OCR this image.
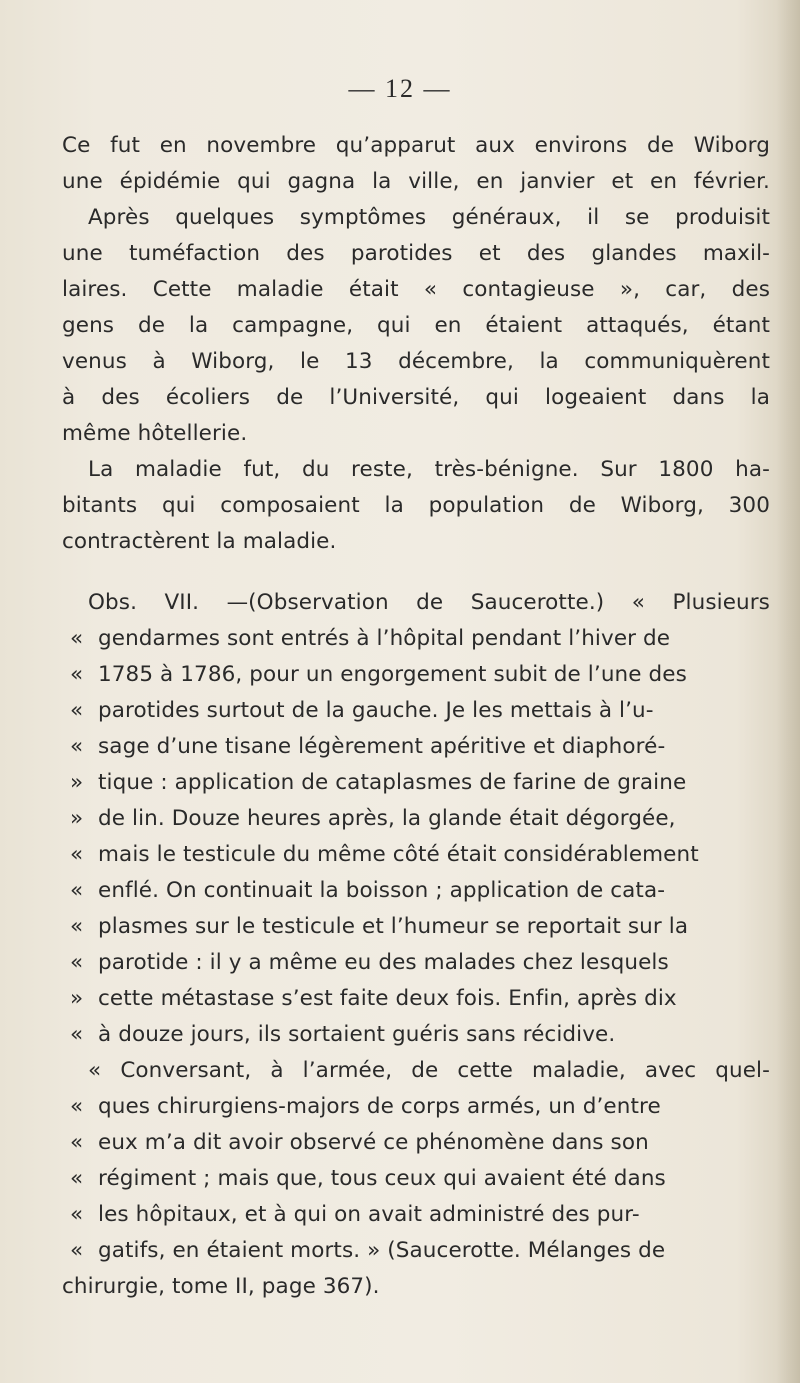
— 12 —
Ce fut en novembre qu’apparut aux environs de Wiborg
une épidémie qui gagna la ville, en janvier et en février.
Après quelques symptômes généraux, il se produisit
une tuméfaction des parotides et des glandes maxil-
laires. Cette maladie était « contagieuse », car, des
gens de la campagne, qui en étaient attaqués, étant
venus à Wiborg, le 13 décembre, la communiquèrent
à des écoliers de l’Université, qui logeaient dans la
même hôtellerie.
La maladie fut, du reste, très-bénigne. Sur 1800 ha-
bitants qui composaient la population de Wiborg, 300
contractèrent la maladie.
Obs. VII. —(Observation de Saucerotte.) « Plusieurs
« gendarmes sont entrés à l’hôpital pendant l’hiver de
« 1785 à 1786, pour un engorgement subit de l’une des
« parotides surtout de la gauche. Je les mettais à l’u-
« sage d’une tisane légèrement apéritive et diaphoré-
» tique : application de cataplasmes de farine de graine
» de lin. Douze heures après, la glande était dégorgée,
« mais le testicule du même côté était considérablement
« enflé. On continuait la boisson ; application de cata-
« plasmes sur le testicule et l’humeur se reportait sur la
« parotide : il y a même eu des malades chez lesquels
» cette métastase s’est faite deux fois. Enfin, après dix
« à douze jours, ils sortaient guéris sans récidive.
« Conversant, à l’armée, de cette maladie, avec quel-
« ques chirurgiens-majors de corps armés, un d’entre
« eux m’a dit avoir observé ce phénomène dans son
« régiment ; mais que, tous ceux qui avaient été dans
« les hôpitaux, et à qui on avait administré des pur-
« gatifs, en étaient morts. » (Saucerotte. Mélanges de
chirurgie, tome II, page 367).
